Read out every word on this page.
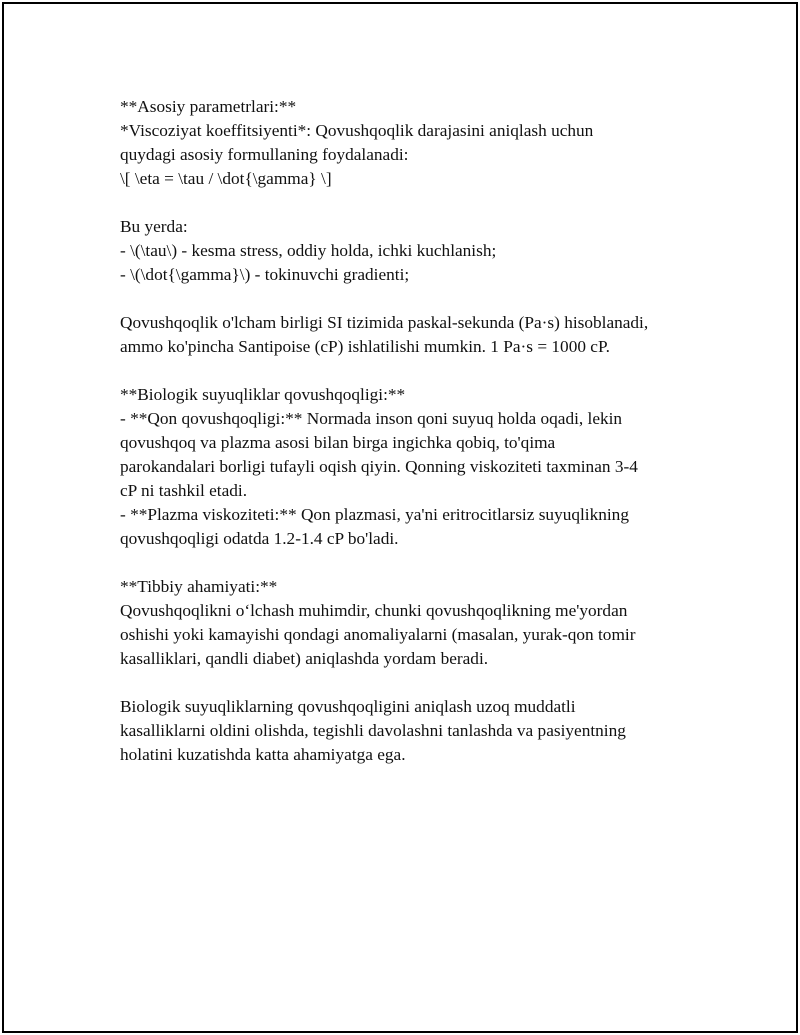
**Asosiy parametrlari:**
*Viscoziyat koeffitsiyenti*: Qovushqoqlik darajasini aniqlash uchun
quydagi asosiy formullaning foydalanadi:
\[ \eta = \tau / \dot{\gamma} \]
Bu yerda:
- \(\tau\) - kesma stress, oddiy holda, ichki kuchlanish;
- \(\dot{\gamma}\) - tokinuvchi gradienti;
Qovushqoqlik o'lcham birligi SI tizimida paskal-sekunda (Pa·s) hisoblanadi,
ammo ko'pincha Santipoise (cP) ishlatilishi mumkin. 1 Pa·s = 1000 cP.
**Biologik suyuqliklar qovushqoqligi:**
- **Qon qovushqoqligi:** Normada inson qoni suyuq holda oqadi, lekin
qovushqoq va plazma asosi bilan birga ingichka qobiq, to'qima
parokandalari borligi tufayli oqish qiyin. Qonning viskoziteti taxminan 3-4
cP ni tashkil etadi.
- **Plazma viskoziteti:** Qon plazmasi, ya'ni eritrocitlarsiz suyuqlikning
qovushqoqligi odatda 1.2-1.4 cP bo'ladi.
**Tibbiy ahamiyati:**
Qovushqoqlikni o‘lchash muhimdir, chunki qovushqoqlikning me'yordan
oshishi yoki kamayishi qondagi anomaliyalarni (masalan, yurak-qon tomir
kasalliklari, qandli diabet) aniqlashda yordam beradi.
Biologik suyuqliklarning qovushqoqligini aniqlash uzoq muddatli
kasalliklarni oldini olishda, tegishli davolashni tanlashda va pasiyentning
holatini kuzatishda katta ahamiyatga ega.
